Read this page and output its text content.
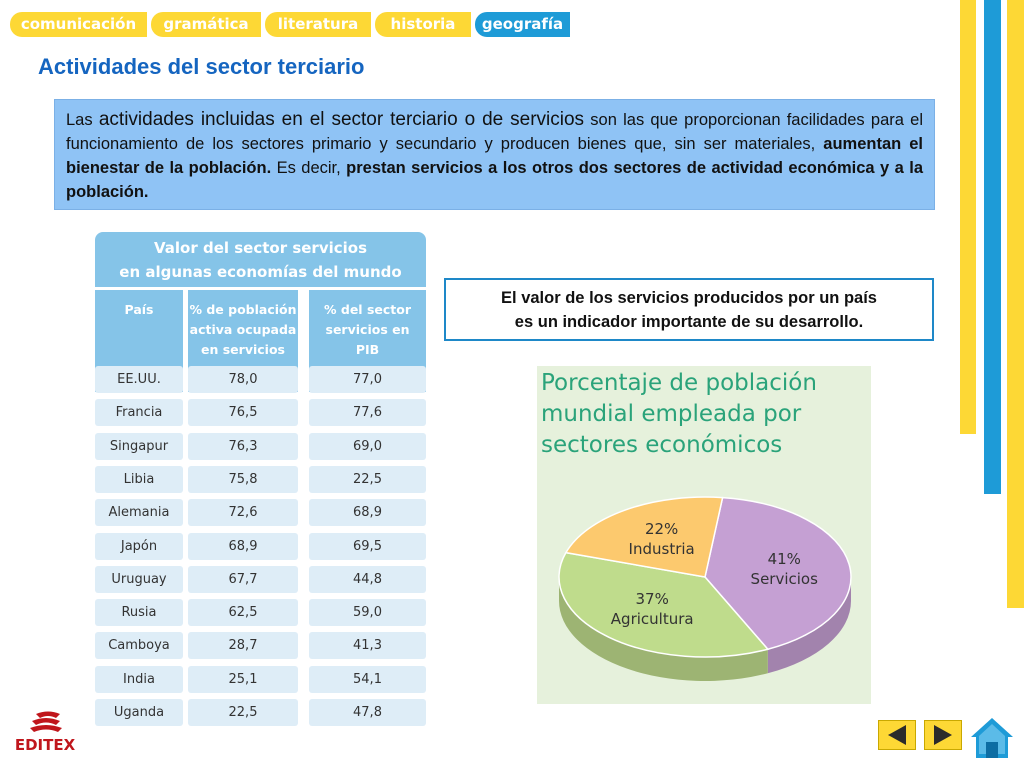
comunicación	gramática	literatura	historia	geografía
Actividades del sector terciario
Las actividades incluidas en el sector terciario o de servicios son las que proporcionan facilidades para el funcionamiento de los sectores primario y secundario y producen bienes que, sin ser materiales, aumentan el bienestar de la población. Es decir, prestan servicios a los otros dos sectores de actividad económica y a la población.
Valor del sector servicios
en algunas economías del mundo
País	% de población
activa ocupada
en servicios
% del sector
servicios en
PIB
EE.UU.	78,0	77,0
Francia	76,5	77,6
Singapur	76,3	69,0
Libia	75,8	22,5
Alemania	72,6	68,9
Japón	68,9	69,5
Uruguay	67,7	44,8
Rusia	62,5	59,0
Camboya	28,7	41,3
India	25,1	54,1
Uganda	22,5	47,8
El valor de los servicios producidos por un país
es un indicador importante de su desarrollo.
41%
Servicios
37%
Agricultura
22%
Industria
Porcentaje de población
mundial empleada por
sectores económicos
EDITEX
